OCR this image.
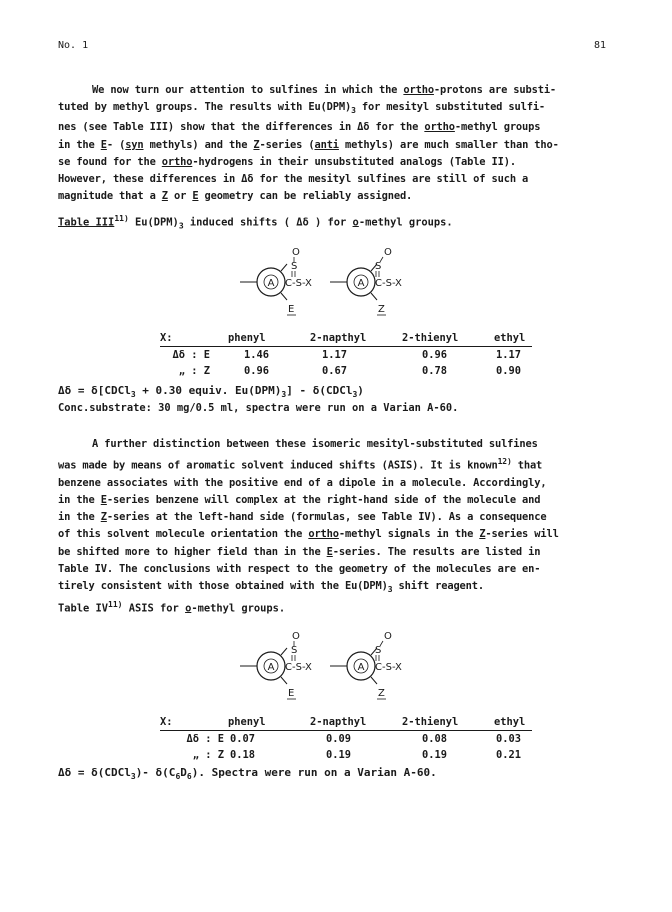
No. 1	81
We now turn our attention to sulfines in which the ortho-protons are substi-
tuted by methyl groups. The results with $Eu(DPM)_3$ for mesityl substituted sulfi-
nes (see Table III) show that the differences in Δδ for the ortho-methyl groups
in the E- (syn methyls) and the Z-series (anti methyls) are much smaller than tho-
se found for the ortho-hydrogens in their unsubstituted analogs (Table II).
However, these differences in Δδ for the mesityl sulfines are still of such a
magnitude that a Z or E geometry can be reliably assigned.
Table III$^{11)}$ $Eu(DPM)_3$ induced shifts ( Δδ ) for o-methyl groups.
A
O
S
C-S-X
E
A
O
S
C-S-X
Z
X:	phenyl	2-napthyl	2-thienyl	ethyl
Δδ : E	1.46	1.17	0.96	1.17
„ : Z	0.96	0.67	0.78	0.90
Δδ = δ[CDCl$_3$ + 0.30 equiv. $Eu(DPM)_3$] - δ(CDCl$_3$)
Conc.substrate: 30 mg/0.5 ml, spectra were run on a Varian A-60.
A further distinction between these isomeric mesityl-substituted sulfines
was made by means of aromatic solvent induced shifts (ASIS). It is known$^{12)}$ that
benzene associates with the positive end of a dipole in a molecule. Accordingly,
in the E-series benzene will complex at the right-hand side of the molecule and
in the Z-series at the left-hand side (formulas, see Table IV). As a consequence
of this solvent molecule orientation the ortho-methyl signals in the Z-series will
be shifted more to higher field than in the E-series. The results are listed in
Table IV. The conclusions with respect to the geometry of the molecules are en-
tirely consistent with those obtained with the $Eu(DPM)_3$ shift reagent.
Table IV$^{11)}$ ASIS for o-methyl groups.
A
O
S
C-S-X
E
A
O
S
C-S-X
Z
X:	phenyl	2-napthyl	2-thienyl	ethyl
Δδ : E	0.07	0.09	0.08	0.03
„ : Z	0.18	0.19	0.19	0.21
Δδ = δ(CDCl$_3$)- $\delta(C_6D_6)$. Spectra were run on a Varian A-60.
